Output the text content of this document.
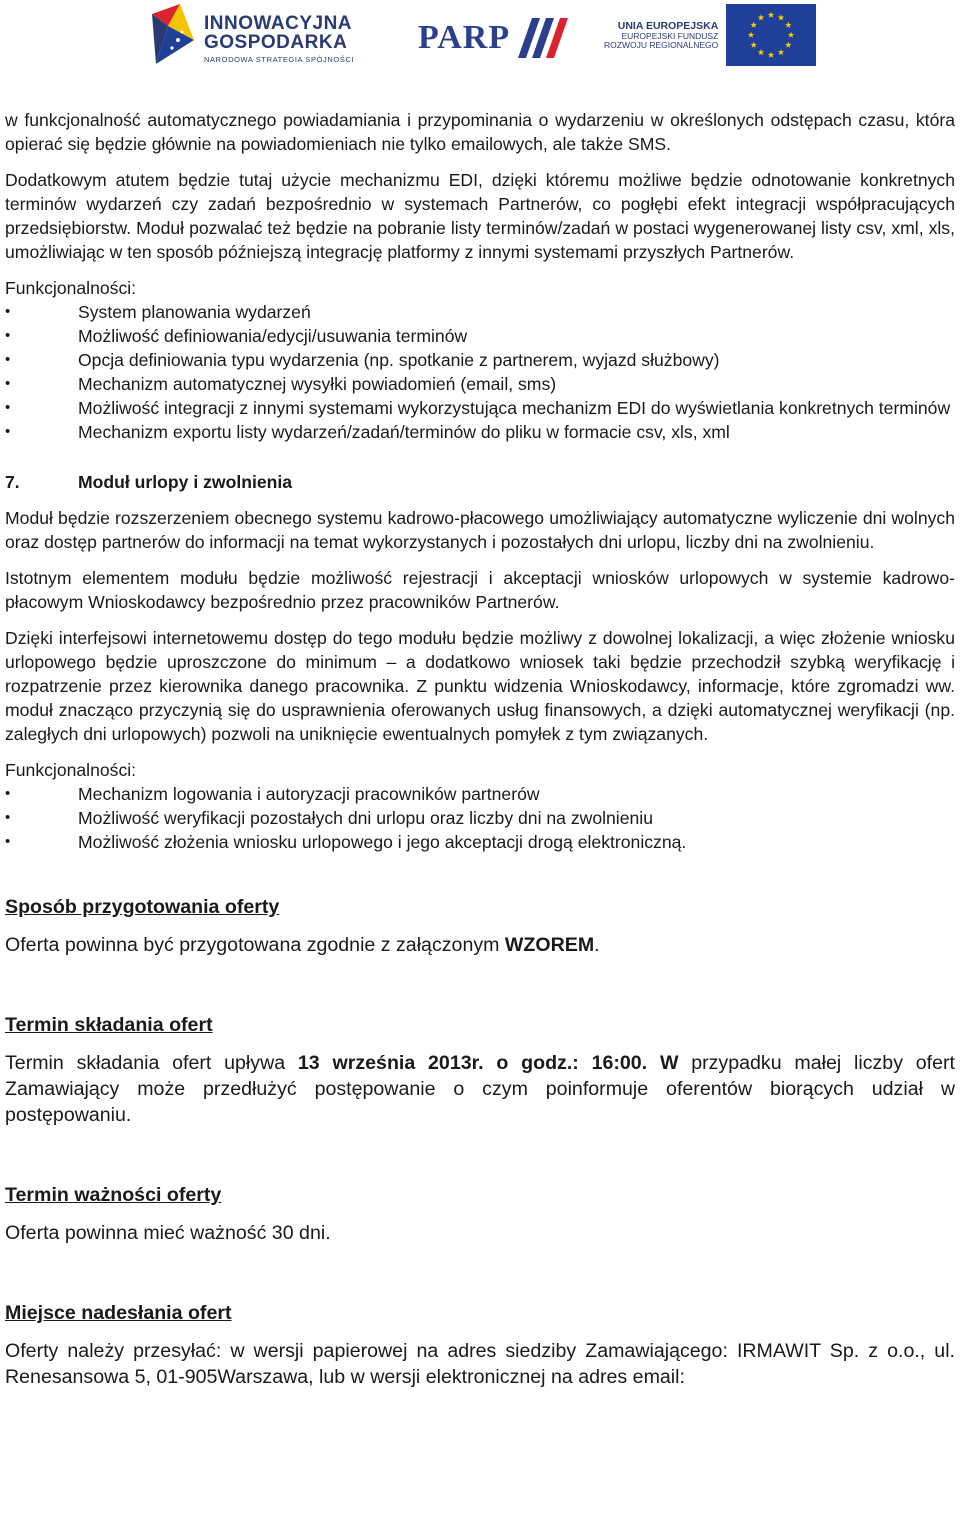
INNOWACYJNA
GOSPODARKA
NARODOWA STRATEGIA SPÓJNOŚCI
PARP	UNIA EUROPEJSKA
EUROPEJSKI FUNDUSZ
ROZWOJU REGIONALNEGO

w funkcjonalność automatycznego powiadamiania i przypominania o wydarzeniu w określonych odstępach czasu, która opierać się będzie głównie na powiadomieniach nie tylko emailowych, ale także SMS.

Dodatkowym atutem będzie tutaj użycie mechanizmu EDI, dzięki któremu możliwe będzie odnotowanie konkretnych terminów wydarzeń czy zadań bezpośrednio w systemach Partnerów, co pogłębi efekt integracji współpracujących przedsiębiorstw. Moduł pozwalać też będzie na pobranie listy terminów/zadań w postaci wygenerowanej listy csv, xml, xls, umożliwiając w ten sposób późniejszą integrację platformy z innymi systemami przyszłych Partnerów.

Funkcjonalności:

• System planowania wydarzeń
• Możliwość definiowania/edycji/usuwania terminów
• Opcja definiowania typu wydarzenia (np. spotkanie z partnerem, wyjazd służbowy)
• Mechanizm automatycznej wysyłki powiadomień (email, sms)
• Możliwość integracji z innymi systemami wykorzystująca mechanizm EDI do wyświetlania konkretnych terminów
• Mechanizm exportu listy wydarzeń/zadań/terminów do pliku w formacie csv, xls, xml
7.	Moduł urlopy i zwolnienia

Moduł będzie rozszerzeniem obecnego systemu kadrowo-płacowego umożliwiający automatyczne wyliczenie dni wolnych oraz dostęp partnerów do informacji na temat wykorzystanych i pozostałych dni urlopu, liczby dni na zwolnieniu.

Istotnym elementem modułu będzie możliwość rejestracji i akceptacji wniosków urlopowych w systemie kadrowo-płacowym Wnioskodawcy bezpośrednio przez pracowników Partnerów.

Dzięki interfejsowi internetowemu dostęp do tego modułu będzie możliwy z dowolnej lokalizacji, a więc złożenie wniosku urlopowego będzie uproszczone do minimum – a dodatkowo wniosek taki będzie przechodził szybką weryfikację i rozpatrzenie przez kierownika danego pracownika. Z punktu widzenia Wnioskodawcy, informacje, które zgromadzi ww. moduł znacząco przyczynią się do usprawnienia oferowanych usług finansowych, a dzięki automatycznej weryfikacji (np. zaległych dni urlopowych) pozwoli na uniknięcie ewentualnych pomyłek z tym związanych.

Funkcjonalności:

• Mechanizm logowania i autoryzacji pracowników partnerów
• Możliwość weryfikacji pozostałych dni urlopu oraz liczby dni na zwolnieniu
• Możliwość złożenia wniosku urlopowego i jego akceptacji drogą elektroniczną.
Sposób przygotowania oferty

Oferta powinna być przygotowana zgodnie z załączonym WZOREM.

Termin składania ofert

Termin składania ofert upływa 13 września 2013r. o godz.: 16:00. W przypadku małej liczby ofert Zamawiający może przedłużyć postępowanie o czym poinformuje oferentów biorących udział w postępowaniu.

Termin ważności oferty

Oferta powinna mieć ważność 30 dni.

Miejsce nadesłania ofert

Oferty należy przesyłać: w wersji papierowej na adres siedziby Zamawiającego: IRMAWIT Sp. z o.o., ul. Renesansowa 5, 01-905Warszawa, lub w wersji elektronicznej na adres email:
